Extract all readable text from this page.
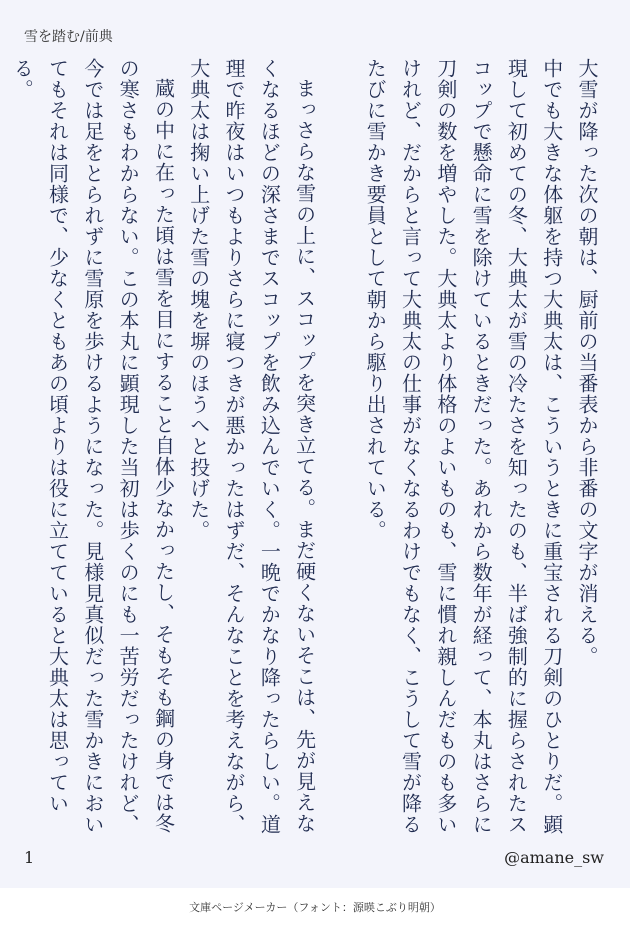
雪を踏む/前典

大雪が降った次の朝は、厨前の当番表から非番の文字が消える。

中でも大きな体躯を持つ大典太は、こういうときに重宝される刀剣のひとりだ。顕現して初めての冬、大典太が雪の冷たさを知ったのも、半ば強制的に握らされたスコップで懸命に雪を除けているときだった。あれから数年が経って、本丸はさらに刀剣の数を増やした。大典太より体格のよいものも、雪に慣れ親しんだものも多いけれど、だからと言って大典太の仕事がなくなるわけでもなく、こうして雪が降るたびに雪かき要員として朝から駆り出されている。

まっさらな雪の上に、スコップを突き立てる。まだ硬くないそこは、先が見えなくなるほどの深さまでスコップを飲み込んでいく。一晩でかなり降ったらしい。道理で昨夜はいつもよりさらに寝つきが悪かったはずだ、そんなことを考えながら、大典太は掬い上げた雪の塊を塀のほうへと投げた。

蔵の中に在った頃は雪を目にすること自体少なかったし、そもそも鋼の身では冬の寒さもわからない。この本丸に顕現した当初は歩くのにも一苦労だったけれど、今では足をとられずに雪原を歩けるようになった。見様見真似だった雪かきにおいてもそれは同様で、少なくともあの頃よりは役に立てていると大典太は思っている。

1	@amane_sw
文庫ページメーカー（フォント：源暎こぶり明朝）
